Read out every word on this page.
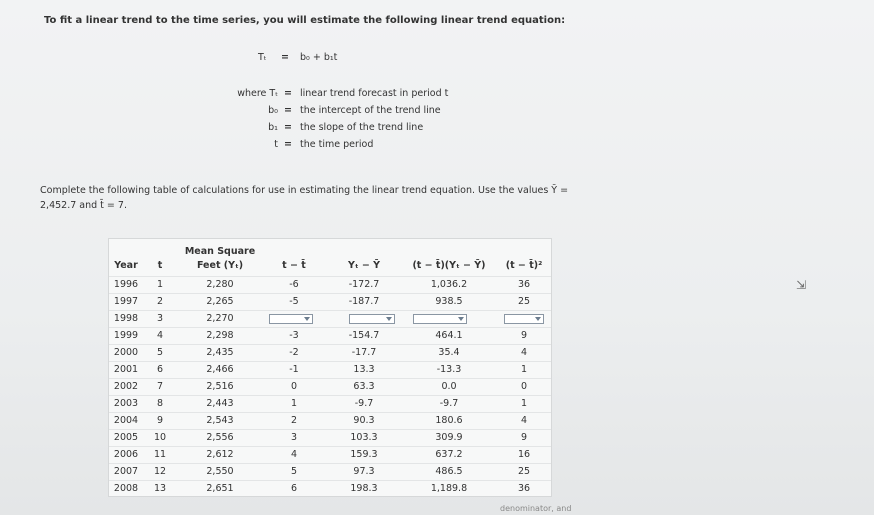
To fit a linear trend to the time series, you will estimate the following linear trend equation:
Tₜ = b₀ + b₁t
where Tₜ = linear trend forecast in period t
b₀ = the intercept of the trend line
b₁ = the slope of the trend line
t = the time period
Complete the following table of calculations for use in estimating the linear trend equation. Use the values Ȳ =
2,452.7 and t̄ = 7.
Year	t
Mean Square
Feet (Yₜ)	t − t̄	Yₜ − Ȳ	(t − t̄)(Yₜ − Ȳ)	(t − t̄)²
1996	1	2,280	-6	-172.7	1,036.2	36
1997	2	2,265	-5	-187.7	938.5	25
1998	3	2,270
1999	4	2,298	-3	-154.7	464.1	9
2000	5	2,435	-2	-17.7	35.4	4
2001	6	2,466	-1	13.3	-13.3	1
2002	7	2,516	0	63.3	0.0	0
2003	8	2,443	1	-9.7	-9.7	1
2004	9	2,543	2	90.3	180.6	4
2005	10	2,556	3	103.3	309.9	9
2006	11	2,612	4	159.3	637.2	16
2007	12	2,550	5	97.3	486.5	25
2008	13	2,651	6	198.3	1,189.8	36
⇲
denominator, and
